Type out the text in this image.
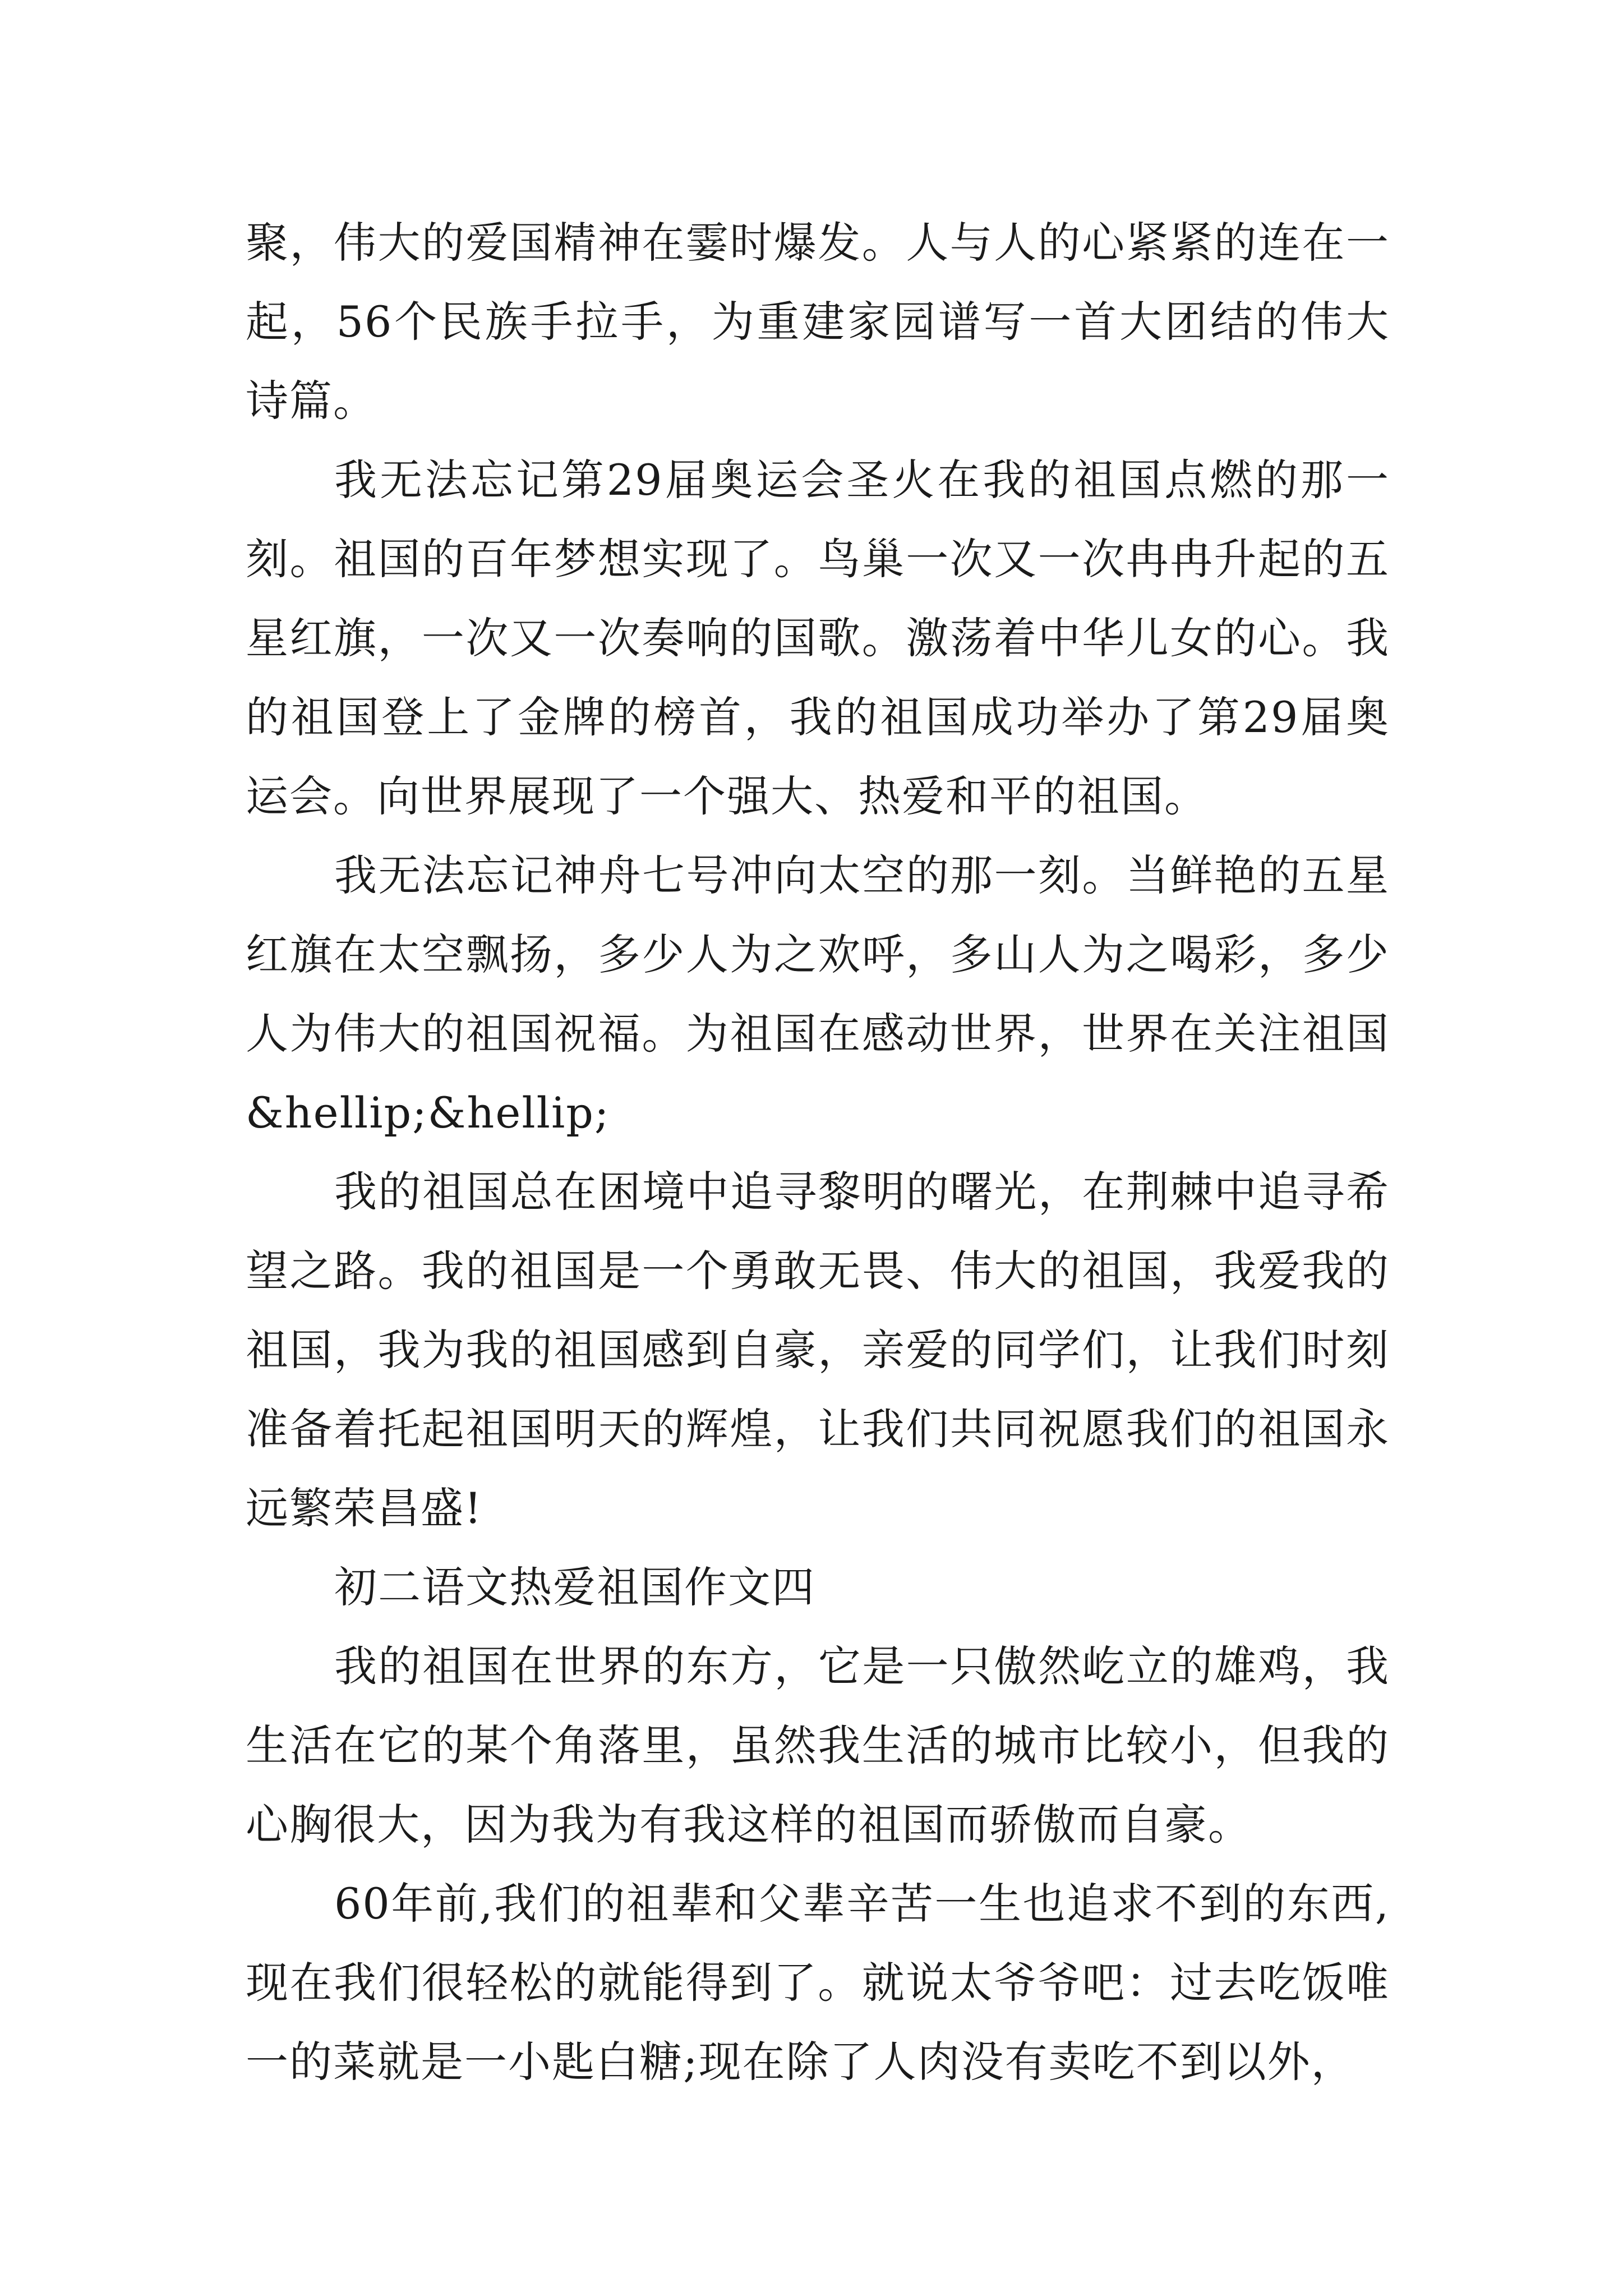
聚，伟大的爱国精神在霎时爆发。人与人的心紧紧的连在一起，56个民族手拉手，为重建家园谱写一首大团结的伟大诗篇。

我无法忘记第29届奥运会圣火在我的祖国点燃的那一刻。祖国的百年梦想实现了。鸟巢一次又一次冉冉升起的五星红旗，一次又一次奏响的国歌。激荡着中华儿女的心。我的祖国登上了金牌的榜首，我的祖国成功举办了第29届奥运会。向世界展现了一个强大、热爱和平的祖国。

我无法忘记神舟七号冲向太空的那一刻。当鲜艳的五星红旗在太空飘扬，多少人为之欢呼，多山人为之喝彩，多少人为伟大的祖国祝福。为祖国在感动世界，世界在关注祖国&hellip;&hellip;

我的祖国总在困境中追寻黎明的曙光，在荆棘中追寻希望之路。我的祖国是一个勇敢无畏、伟大的祖国，我爱我的祖国，我为我的祖国感到自豪，亲爱的同学们，让我们时刻准备着托起祖国明天的辉煌，让我们共同祝愿我们的祖国永远繁荣昌盛!

初二语文热爱祖国作文四

我的祖国在世界的东方，它是一只傲然屹立的雄鸡，我生活在它的某个角落里，虽然我生活的城市比较小，但我的心胸很大，因为我为有我这样的祖国而骄傲而自豪。

60年前,我们的祖辈和父辈辛苦一生也追求不到的东西,现在我们很轻松的就能得到了。就说太爷爷吧：过去吃饭唯一的菜就是一小匙白糖;现在除了人肉没有卖吃不到以外，
